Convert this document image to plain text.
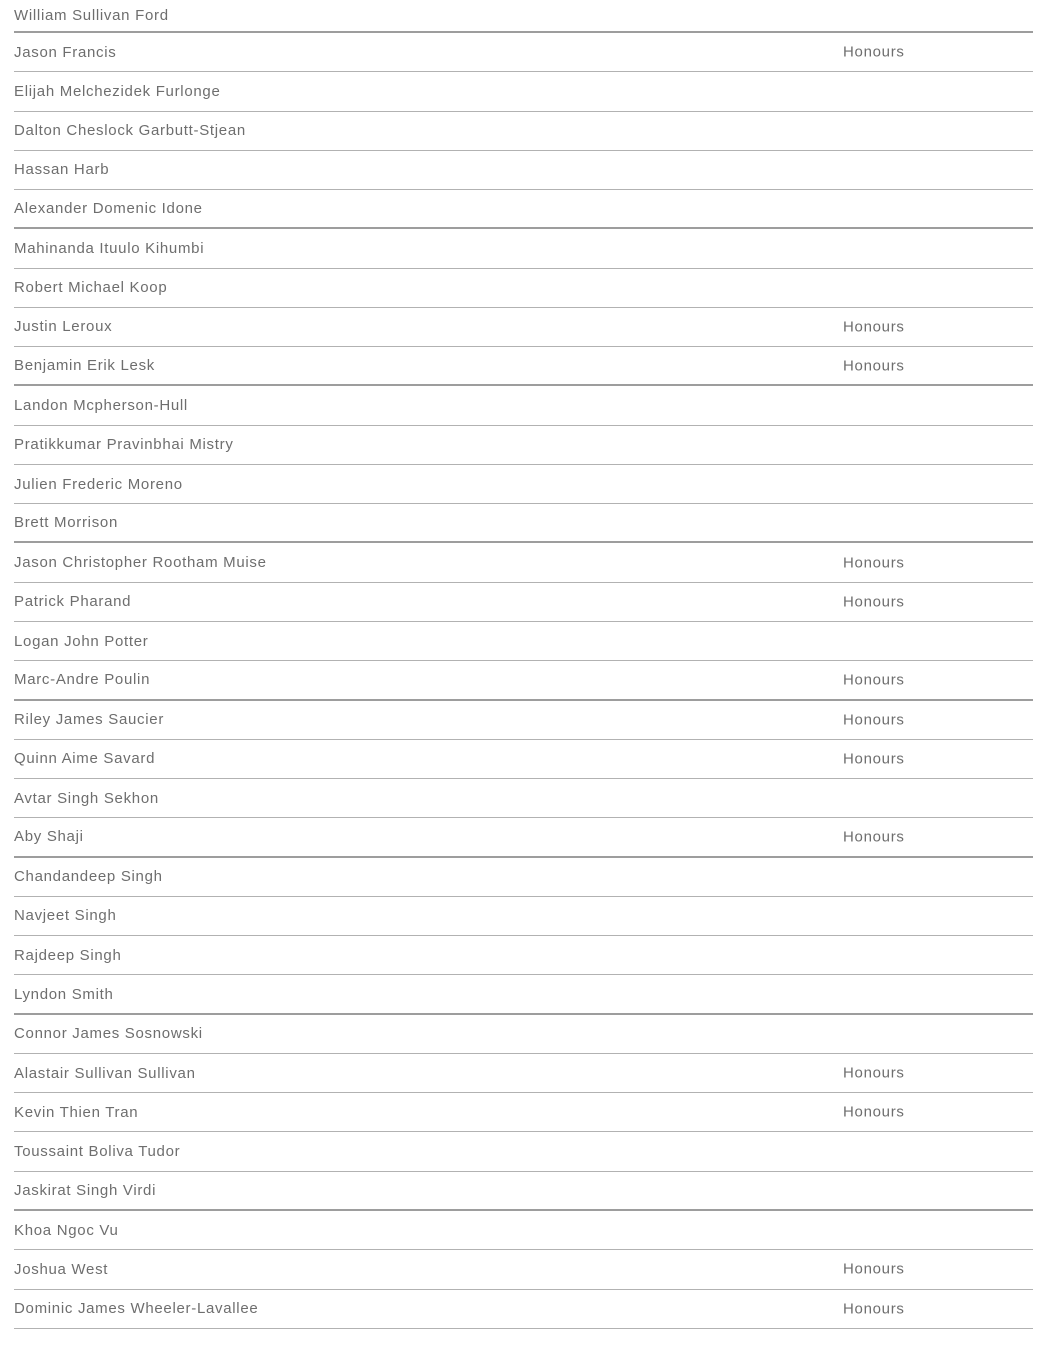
William Sullivan Ford
Jason Francis	Honours
Elijah Melchezidek Furlonge
Dalton Cheslock Garbutt-Stjean
Hassan Harb
Alexander Domenic Idone
Mahinanda Ituulo Kihumbi
Robert Michael Koop
Justin Leroux	Honours
Benjamin Erik Lesk	Honours
Landon Mcpherson-Hull
Pratikkumar Pravinbhai Mistry
Julien Frederic Moreno
Brett Morrison
Jason Christopher Rootham Muise	Honours
Patrick Pharand	Honours
Logan John Potter
Marc-Andre Poulin	Honours
Riley James Saucier	Honours
Quinn Aime Savard	Honours
Avtar Singh Sekhon
Aby Shaji	Honours
Chandandeep Singh
Navjeet Singh
Rajdeep Singh
Lyndon Smith
Connor James Sosnowski
Alastair Sullivan Sullivan	Honours
Kevin Thien Tran	Honours
Toussaint Boliva Tudor
Jaskirat Singh Virdi
Khoa Ngoc Vu
Joshua West	Honours
Dominic James Wheeler-Lavallee	Honours
